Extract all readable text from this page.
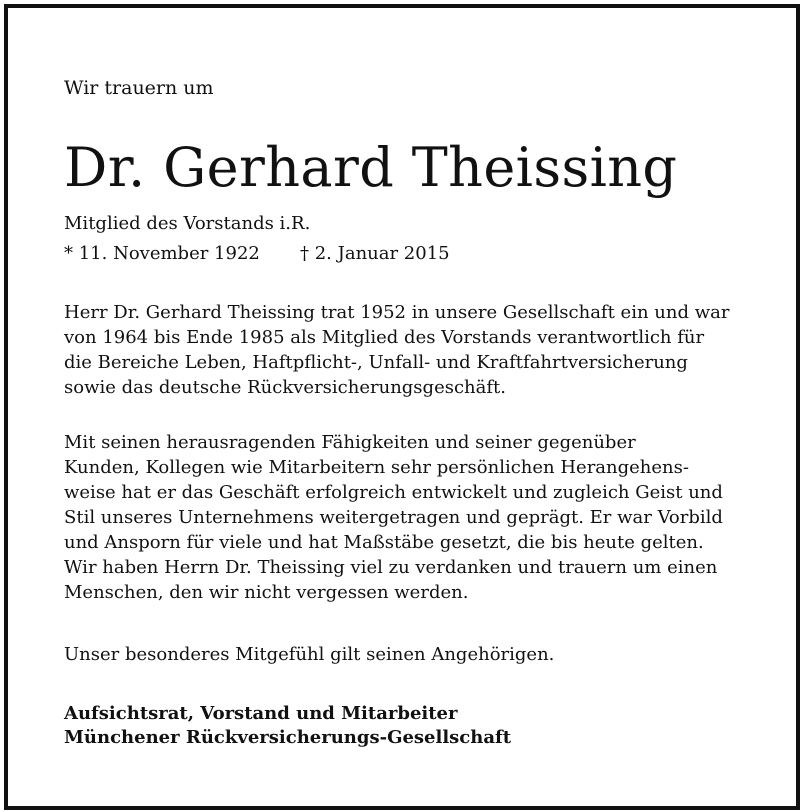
Wir trauern um
Dr. Gerhard Theissing
Mitglied des Vorstands i.R.
* 11. November 1922 † 2. Januar 2015
Herr Dr. Gerhard Theissing trat 1952 in unsere Gesellschaft ein und war
von 1964 bis Ende 1985 als Mitglied des Vorstands verantwortlich für
die Bereiche Leben, Haftpflicht-, Unfall- und Kraftfahrtversicherung
sowie das deutsche Rückversicherungsgeschäft.
Mit seinen herausragenden Fähigkeiten und seiner gegenüber
Kunden, Kollegen wie Mitarbeitern sehr persönlichen Herangehens-
weise hat er das Geschäft erfolgreich entwickelt und zugleich Geist und
Stil unseres Unternehmens weitergetragen und geprägt. Er war Vorbild
und Ansporn für viele und hat Maßstäbe gesetzt, die bis heute gelten.
Wir haben Herrn Dr. Theissing viel zu verdanken und trauern um einen
Menschen, den wir nicht vergessen werden.
Unser besonderes Mitgefühl gilt seinen Angehörigen.
Aufsichtsrat, Vorstand und Mitarbeiter
Münchener Rückversicherungs-Gesellschaft
